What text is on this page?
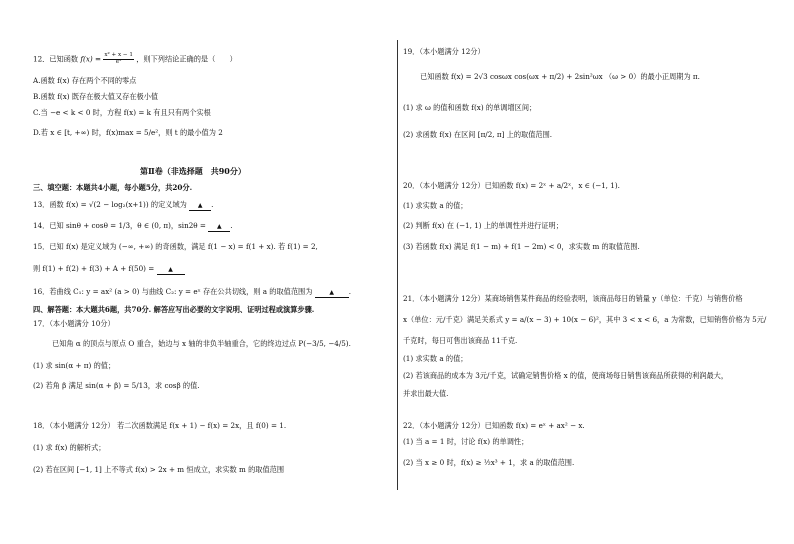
12．已知函数 $f(x) = \frac{\text{x² + x − 1}}{\text{eˣ}}$ ，则下列结论正确的是（　　）
A.函数 f(x) 存在两个不同的零点
B.函数 f(x) 既存在极大值又存在极小值
C.当 −e < k < 0 时，方程 f(x) = k 有且只有两个实根
D.若 x ∈ [t, +∞) 时，f(x)max = 5/e²，则 t 的最小值为 2
第Ⅱ卷（非选择题　共90分）
三、填空题：本题共4小题，每小题5分，共20分.
13．函数 f(x) = √(2 − log₂(x+1)) 的定义域为 ▲ .
14．已知 sinθ + cosθ = 1/3，θ ∈ (0, π)，sin2θ = ▲ .
15．已知 f(x) 是定义域为 (−∞, +∞) 的奇函数，满足 f(1 − x) = f(1 + x). 若 f(1) = 2,
则 f(1) + f(2) + f(3) + A + f(50) = ▲
16．若曲线 C₁: y = ax² (a > 0) 与曲线 C₂: y = eˣ 存在公共切线，则 a 的取值范围为	▲ .
四、解答题：本大题共6题，共70分. 解答应写出必要的文字说明、证明过程或演算步骤.
17．（本小题满分 10分）
已知角 α 的顶点与原点 O 重合，始边与 x 轴的非负半轴重合，它的终边过点 P(−3/5, −4/5).
(1) 求 sin(α + π) 的值；
(2) 若角 β 满足 sin(α + β) = 5/13，求 cosβ 的值.
18．（本小题满分 12分） 若二次函数满足 f(x + 1) − f(x) = 2x，且 f(0) = 1.
(1) 求 f(x) 的解析式；
(2) 若在区间 [−1, 1] 上不等式 f(x) > 2x + m 恒成立，求实数 m 的取值范围
19．（本小题满分 12分）
已知函数 f(x) = 2√3 cosωx cos(ωx + π/2) + 2sin²ωx （ω > 0）的最小正周期为 π.
(1) 求 ω 的值和函数 f(x) 的单调增区间；
(2) 求函数 f(x) 在区间 [π/2, π] 上的取值范围.
20．（本小题满分 12分）已知函数 f(x) = 2ˣ + a/2ˣ，x ∈ (−1, 1).
(1) 求实数 a 的值；
(2) 判断 f(x) 在 (−1, 1) 上的单调性并进行证明；
(3) 若函数 f(x) 满足 f(1 − m) + f(1 − 2m) < 0，求实数 m 的取值范围.
21．（本小题满分 12分）某商场销售某件商品的经验表明，该商品每日的销量 y（单位：千克）与销售价格
x（单位：元/千克）满足关系式 y = a/(x − 3) + 10(x − 6)²，其中 3 < x < 6，a 为常数，已知销售价格为 5元/
千克时，每日可售出该商品 11千克.
(1) 求实数 a 的值；
(2) 若该商品的成本为 3元/千克，试确定销售价格 x 的值，使商场每日销售该商品所获得的利润最大，
并求出最大值.
22．（本小题满分 12分）已知函数 f(x) = eˣ + ax² − x.
(1) 当 a = 1 时，讨论 f(x) 的单调性；
(2) 当 x ≥ 0 时，f(x) ≥ ½x³ + 1，求 a 的取值范围.
